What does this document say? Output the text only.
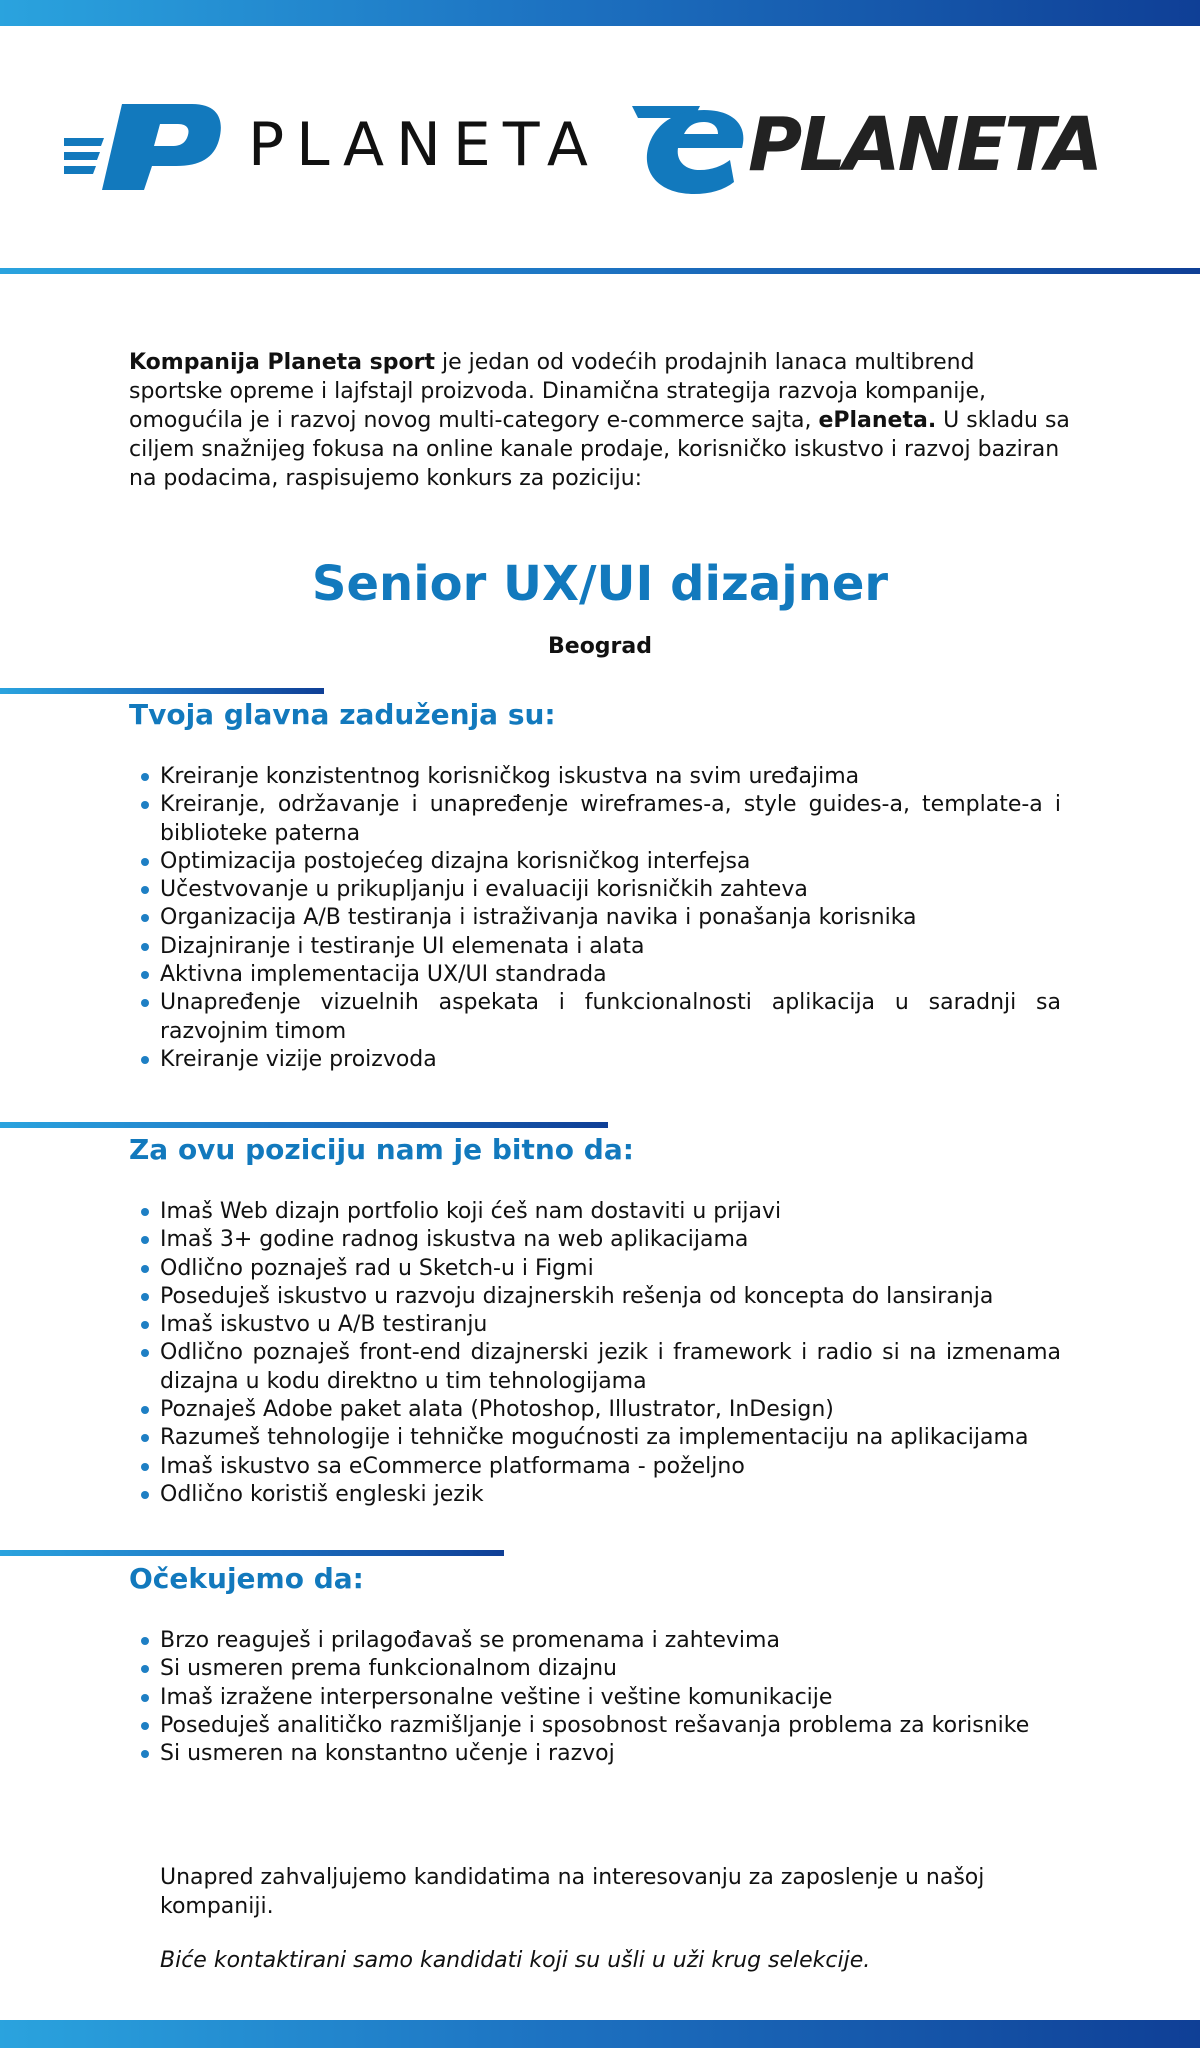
PLANETA PLANETA

Kompanija Planeta sport je jedan od vodećih prodajnih lanaca multibrend sportske opreme i lajfstajl proizvoda. Dinamična strategija razvoja kompanije, omogućila je i razvoj novog multi-category e-commerce sajta, ePlaneta. U skladu sa ciljem snažnijeg fokusa na online kanale prodaje, korisničko iskustvo i razvoj baziran na podacima, raspisujemo konkurs za poziciju:

Senior UX/UI dizajner
Beograd
Tvoja glavna zaduženja su:
Kreiranje konzistentnog korisničkog iskustva na svim uređajima
Kreiranje, održavanje i unapređenje wireframes-a, style guides-a, template-a i biblioteke paterna
Optimizacija postojećeg dizajna korisničkog interfejsa
Učestvovanje u prikupljanju i evaluaciji korisničkih zahteva
Organizacija A/B testiranja i istraživanja navika i ponašanja korisnika
Dizajniranje i testiranje UI elemenata i alata
Aktivna implementacija UX/UI standrada
Unapređenje vizuelnih aspekata i funkcionalnosti aplikacija u saradnji sa razvojnim timom
Kreiranje vizije proizvoda
Za ovu poziciju nam je bitno da:
Imaš Web dizajn portfolio koji ćeš nam dostaviti u prijavi
Imaš 3+ godine radnog iskustva na web aplikacijama
Odlično poznaješ rad u Sketch-u i Figmi
Poseduješ iskustvo u razvoju dizajnerskih rešenja od koncepta do lansiranja
Imaš iskustvo u A/B testiranju
Odlično poznaješ front-end dizajnerski jezik i framework i radio si na izmenama dizajna u kodu direktno u tim tehnologijama
Poznaješ Adobe paket alata (Photoshop, Illustrator, InDesign)
Razumeš tehnologije i tehničke mogućnosti za implementaciju na aplikacijama
Imaš iskustvo sa eCommerce platformama - poželjno
Odlično koristiš engleski jezik
Očekujemo da:
Brzo reaguješ i prilagođavaš se promenama i zahtevima
Si usmeren prema funkcionalnom dizajnu
Imaš izražene interpersonalne veštine i veštine komunikacije
Poseduješ analitičko razmišljanje i sposobnost rešavanja problema za korisnike
Si usmeren na konstantno učenje i razvoj
Unapred zahvaljujemo kandidatima na interesovanju za zaposlenje u našoj kompaniji.
Biće kontaktirani samo kandidati koji su ušli u uži krug selekcije.
